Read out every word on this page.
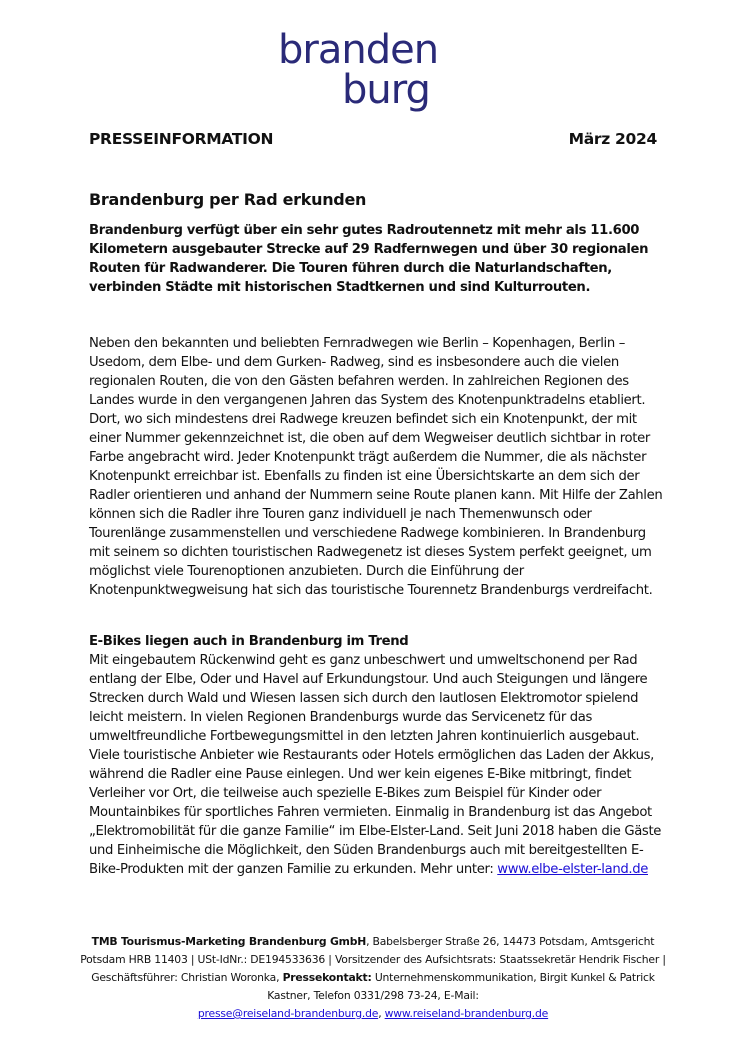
branden
burg
PRESSEINFORMATION	März 2024
Brandenburg per Rad erkunden
Brandenburg verfügt über ein sehr gutes Radroutennetz mit mehr als 11.600 Kilometern ausgebauter Strecke auf 29 Radfernwegen und über 30 regionalen Routen für Radwanderer. Die Touren führen durch die Naturlandschaften, verbinden Städte mit historischen Stadtkernen und sind Kulturrouten.
Neben den bekannten und beliebten Fernradwegen wie Berlin – Kopenhagen, Berlin – Usedom, dem Elbe- und dem Gurken- Radweg, sind es insbesondere auch die vielen regionalen Routen, die von den Gästen befahren werden. In zahlreichen Regionen des Landes wurde in den vergangenen Jahren das System des Knotenpunktradelns etabliert. Dort, wo sich mindestens drei Radwege kreuzen befindet sich ein Knotenpunkt, der mit einer Nummer gekennzeichnet ist, die oben auf dem Wegweiser deutlich sichtbar in roter Farbe angebracht wird. Jeder Knotenpunkt trägt außerdem die Nummer, die als nächster Knotenpunkt erreichbar ist. Ebenfalls zu finden ist eine Übersichtskarte an dem sich der Radler orientieren und anhand der Nummern seine Route planen kann. Mit Hilfe der Zahlen können sich die Radler ihre Touren ganz individuell je nach Themenwunsch oder Tourenlänge zusammenstellen und verschiedene Radwege kombinieren. In Brandenburg mit seinem so dichten touristischen Radwegenetz ist dieses System perfekt geeignet, um möglichst viele Tourenoptionen anzubieten. Durch die Einführung der Knotenpunktwegweisung hat sich das touristische Tourennetz Brandenburgs verdreifacht.
E-Bikes liegen auch in Brandenburg im Trend
Mit eingebautem Rückenwind geht es ganz unbeschwert und umweltschonend per Rad entlang der Elbe, Oder und Havel auf Erkundungstour. Und auch Steigungen und längere Strecken durch Wald und Wiesen lassen sich durch den lautlosen Elektromotor spielend leicht meistern. In vielen Regionen Brandenburgs wurde das Servicenetz für das umweltfreundliche Fortbewegungsmittel in den letzten Jahren kontinuierlich ausgebaut. Viele touristische Anbieter wie Restaurants oder Hotels ermöglichen das Laden der Akkus, während die Radler eine Pause einlegen. Und wer kein eigenes E-Bike mitbringt, findet Verleiher vor Ort, die teilweise auch spezielle E-Bikes zum Beispiel für Kinder oder Mountainbikes für sportliches Fahren vermieten. Einmalig in Brandenburg ist das Angebot „Elektromobilität für die ganze Familie“ im Elbe-Elster-Land. Seit Juni 2018 haben die Gäste und Einheimische die Möglichkeit, den Süden Brandenburgs auch mit bereitgestellten E-Bike-Produkten mit der ganzen Familie zu erkunden. Mehr unter: www.elbe-elster-land.de
TMB Tourismus-Marketing Brandenburg GmbH, Babelsberger Straße 26, 14473 Potsdam, Amtsgericht Potsdam HRB 11403 | USt-IdNr.: DE194533636 | Vorsitzender des Aufsichtsrats: Staatssekretär Hendrik Fischer | Geschäftsführer: Christian Woronka, Pressekontakt: Unternehmenskommunikation, Birgit Kunkel & Patrick Kastner, Telefon 0331/298 73-24, E-Mail:
presse@reiseland-brandenburg.de, www.reiseland-brandenburg.de
